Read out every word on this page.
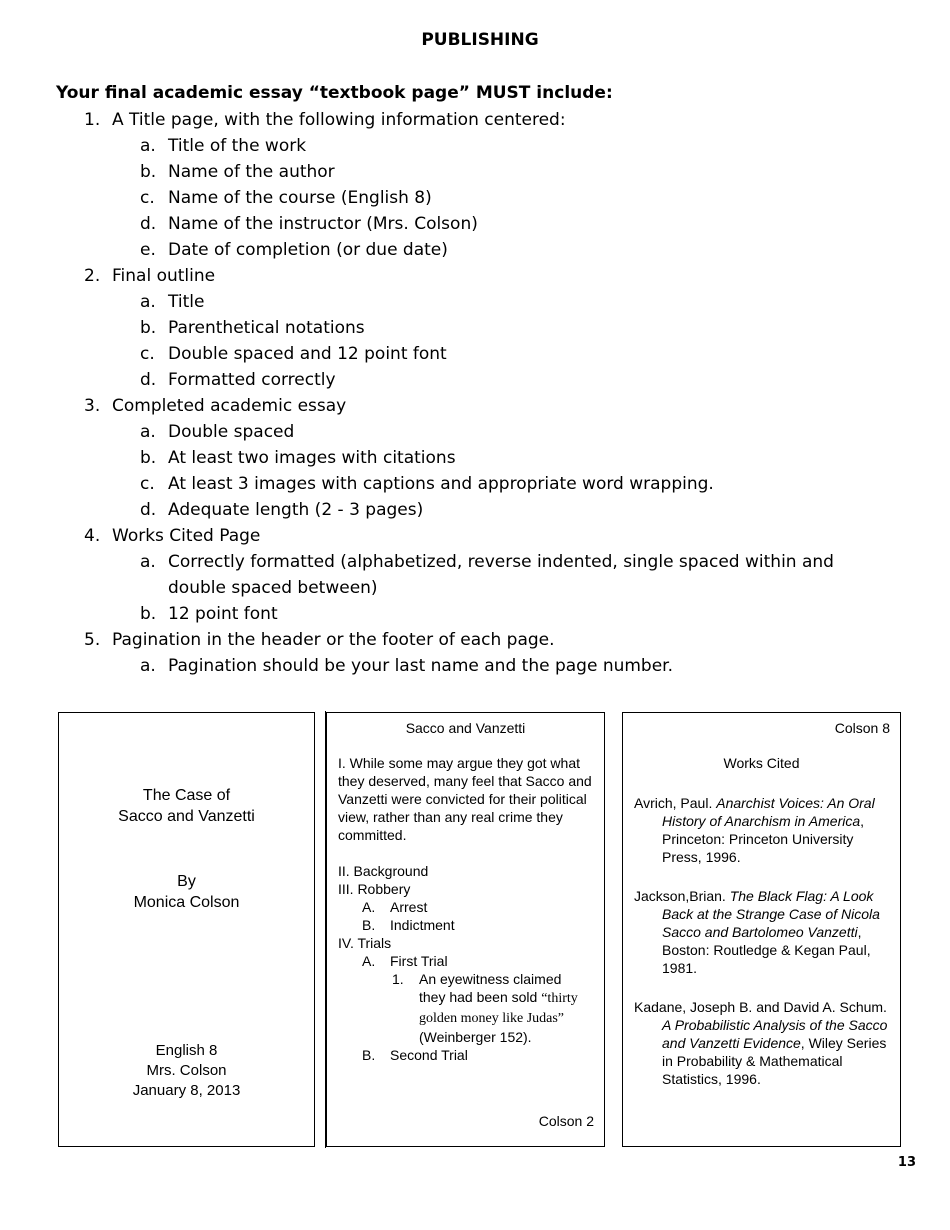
PUBLISHING
Your final academic essay “textbook page” MUST include:
1. A Title page, with the following information centered:
a. Title of the work
b. Name of the author
c. Name of the course (English 8)
d. Name of the instructor (Mrs. Colson)
e. Date of completion (or due date)
2. Final outline
a. Title
b. Parenthetical notations
c. Double spaced and 12 point font
d. Formatted correctly
3. Completed academic essay
a. Double spaced
b. At least two images with citations
c. At least 3 images with captions and appropriate word wrapping.
d. Adequate length (2 - 3 pages)
4. Works Cited Page
a. Correctly formatted (alphabetized, reverse indented, single spaced within and double spaced between)
b. 12 point font
5. Pagination in the header or the footer of each page.
a. Pagination should be your last name and the page number.
The Case of
Sacco and Vanzetti
By
Monica Colson
English 8
Mrs. Colson
January 8, 2013
Sacco and Vanzetti
I. While some may argue they got what they deserved, many feel that Sacco and Vanzetti were convicted for their political view, rather than any real crime they committed.
II. Background
III. Robbery
A. Arrest
B. Indictment
IV. Trials
A. First Trial
1.	An eyewitness claimed they had been sold “thirty golden money like Judas” (Weinberger 152).
B. Second Trial
Colson 2
Colson 8
Works Cited
Avrich, Paul. Anarchist Voices: An Oral History of Anarchism in America, Princeton: Princeton University Press, 1996.
Jackson,Brian. The Black Flag: A Look Back at the Strange Case of Nicola Sacco and Bartolomeo Vanzetti, Boston: Routledge & Kegan Paul, 1981.
Kadane, Joseph B. and David A. Schum. A Probabilistic Analysis of the Sacco and Vanzetti Evidence, Wiley Series in Probability & Mathematical Statistics, 1996.
13
